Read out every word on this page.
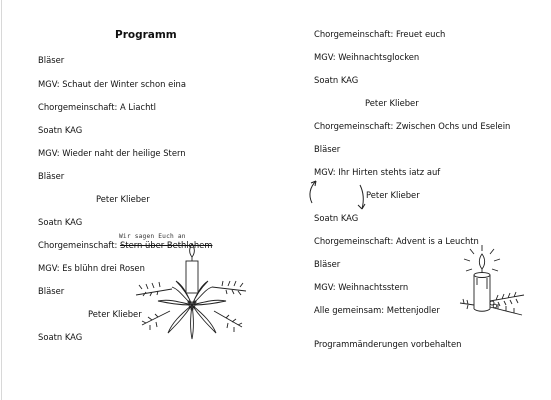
Programm
Bläser
MGV: Schaut der Winter schon eina
Chorgemeinschaft: A Liachtl
Soatn KAG
MGV: Wieder naht der heilige Stern
Bläser
Peter Klieber
Soatn KAG
Chorgemeinschaft: Stern über Bethlehem
Wir sagen Euch an
MGV: Es blühn drei Rosen
Bläser
Peter Klieber
Soatn KAG
Chorgemeinschaft: Freuet euch
MGV: Weihnachtsglocken
Soatn KAG
Peter Klieber
Chorgemeinschaft: Zwischen Ochs und Eselein
Bläser
MGV: Ihr Hirten stehts iatz auf
Peter Klieber
Soatn KAG
Chorgemeinschaft: Advent is a Leuchtn
Bläser
MGV: Weihnachtsstern
Alle gemeinsam: Mettenjodler
Programmänderungen vorbehalten
